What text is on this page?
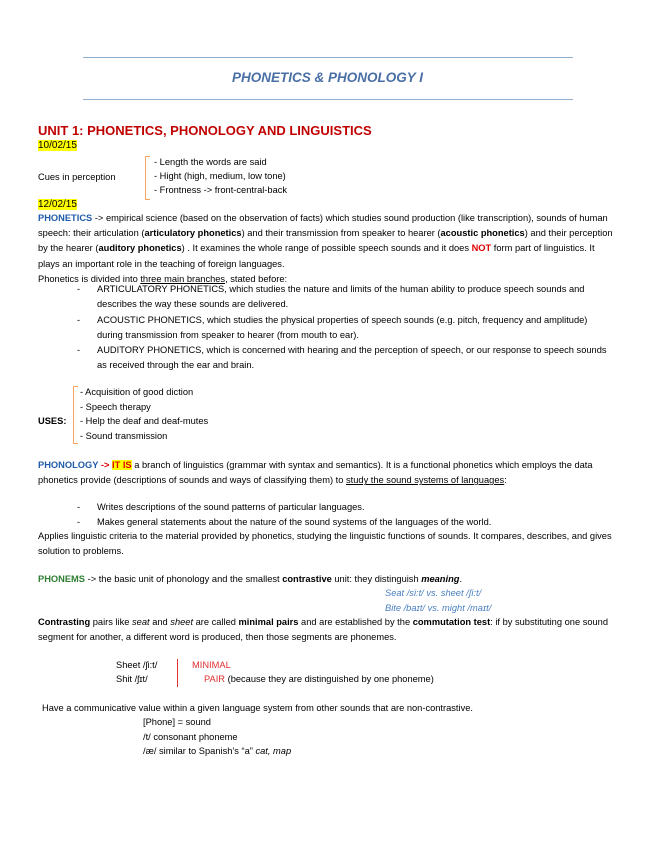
PHONETICS & PHONOLOGY I
UNIT 1: PHONETICS, PHONOLOGY AND LINGUISTICS
10/02/15
Cues in perception
- Length the words are said
- Hight (high, medium, low tone)
- Frontness -> front-central-back
12/02/15
PHONETICS -> empirical science (based on the observation of facts) which studies sound production (like transcription), sounds of human speech: their articulation (articulatory phonetics) and their transmission from speaker to hearer (acoustic phonetics) and their perception by the hearer (auditory phonetics) . It examines the whole range of possible speech sounds and it does NOT form part of linguistics. It plays an important role in the teaching of foreign languages.
Phonetics is divided into three main branches, stated before:
- ARTICULATORY PHONETICS, which studies the nature and limits of the human ability to produce speech sounds and describes the way these sounds are delivered.
- ACOUSTIC PHONETICS, which studies the physical properties of speech sounds (e.g. pitch, frequency and amplitude) during transmission from speaker to hearer (from mouth to ear).
- AUDITORY PHONETICS, which is concerned with hearing and the perception of speech, or our response to speech sounds as received through the ear and brain.
USES:
- Acquisition of good diction
- Speech therapy
- Help the deaf and deaf-mutes
- Sound transmission
PHONOLOGY -> IT IS a branch of linguistics (grammar with syntax and semantics). It is a functional phonetics which employs the data phonetics provide (descriptions of sounds and ways of classifying them) to study the sound systems of languages:
- Writes descriptions of the sound patterns of particular languages.
- Makes general statements about the nature of the sound systems of the languages of the world.
Applies linguistic criteria to the material provided by phonetics, studying the linguistic functions of sounds. It compares, describes, and gives solution to problems.
PHONEMS -> the basic unit of phonology and the smallest contrastive unit: they distinguish meaning.
Seat /si:t/ vs. sheet /ʃi:t/
Bite /baɪt/ vs. might /maɪt/
Contrasting pairs like seat and sheet are called minimal pairs and are established by the commutation test: if by substituting one sound segment for another, a different word is produced, then those segments are phonemes.
Sheet /ʃi:t/
Shit /ʃɪt/
MINIMAL
PAIR (because they are distinguished by one phoneme)
Have a communicative value within a given language system from other sounds that are non-contrastive.
[Phone] = sound
/t/ consonant phoneme
/æ/ similar to Spanish’s “a” cat, map
